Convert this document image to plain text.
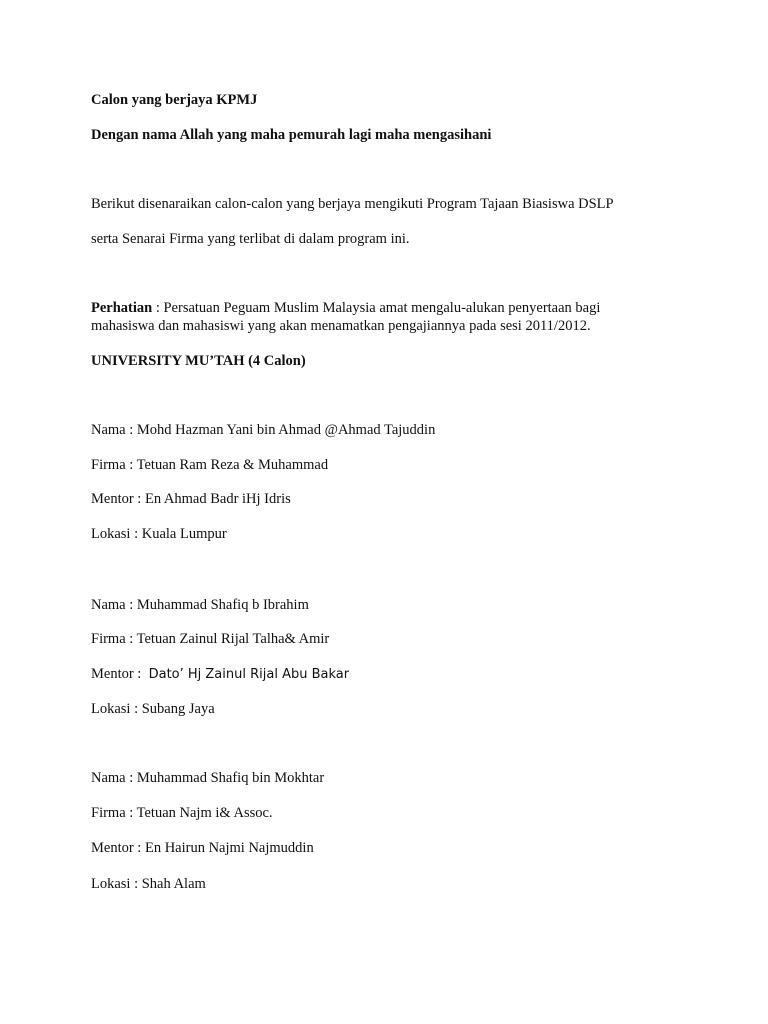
Calon yang berjaya KPMJ

Dengan nama Allah yang maha pemurah lagi maha mengasihani

Berikut disenaraikan calon-calon yang berjaya mengikuti Program Tajaan Biasiswa DSLP

serta Senarai Firma yang terlibat di dalam program ini.

Perhatian : Persatuan Peguam Muslim Malaysia amat mengalu-alukan penyertaan bagi

mahasiswa dan mahasiswi yang akan menamatkan pengajiannya pada sesi 2011/2012.

UNIVERSITY MU’TAH (4 Calon)

Nama : Mohd Hazman Yani bin Ahmad @Ahmad Tajuddin

Firma : Tetuan Ram Reza & Muhammad

Mentor : En Ahmad Badr iHj Idris

Lokasi : Kuala Lumpur

Nama : Muhammad Shafiq b Ibrahim

Firma : Tetuan Zainul Rijal Talha& Amir

Mentor :  Dato’ Hj Zainul Rijal Abu Bakar

Lokasi : Subang Jaya

Nama : Muhammad Shafiq bin Mokhtar

Firma : Tetuan Najm i& Assoc.

Mentor : En Hairun Najmi Najmuddin

Lokasi : Shah Alam
